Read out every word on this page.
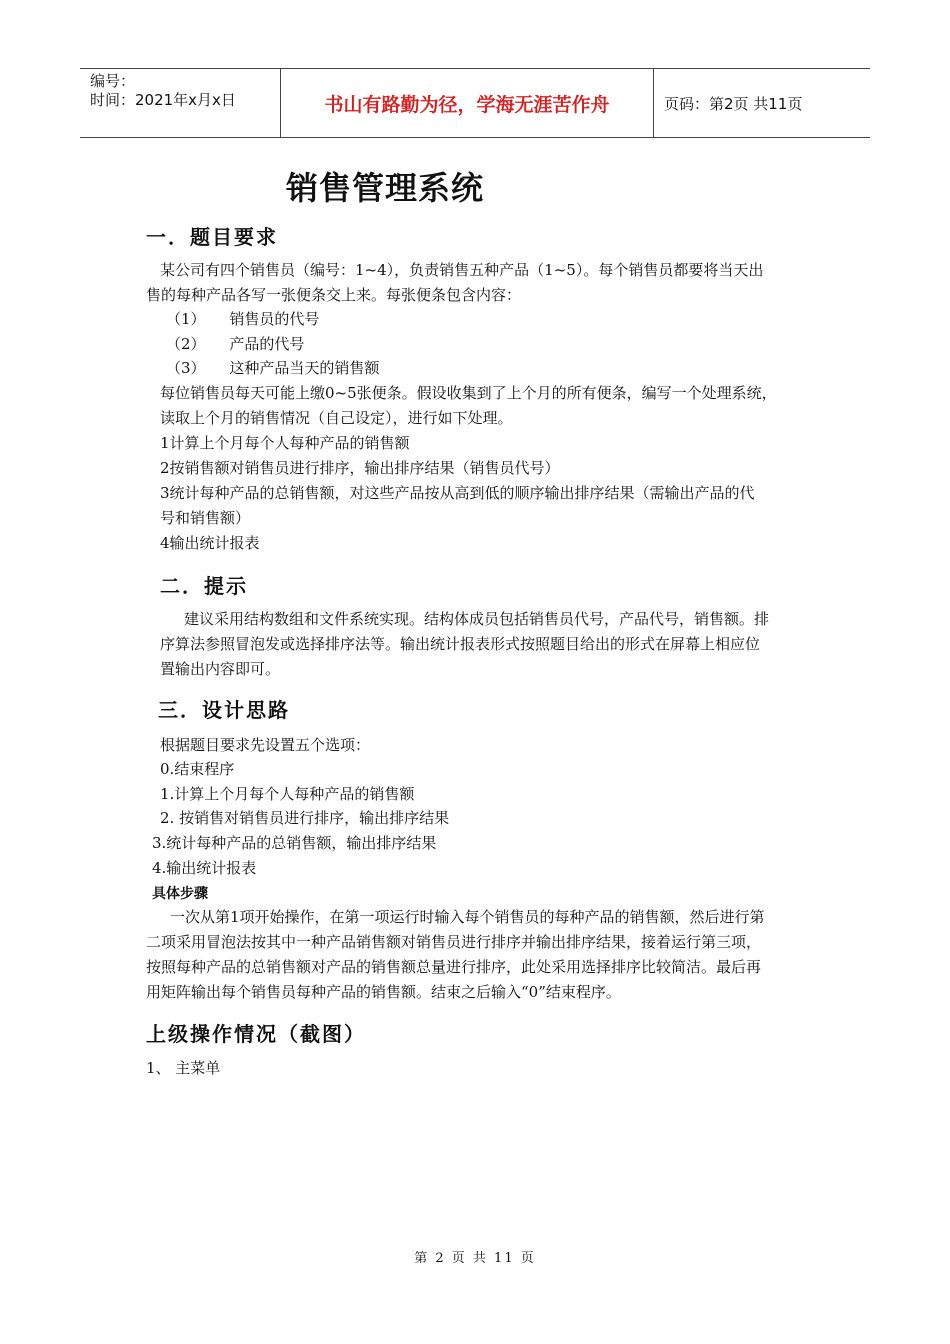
编号：
时间：2021年x月x日	书山有路勤为径，学海无涯苦作舟	页码：第2页 共11页
销售管理系统
一．题目要求
某公司有四个销售员（编号：1~4），负责销售五种产品（1~5）。每个销售员都要将当天出
售的每种产品各写一张便条交上来。每张便条包含内容：
（1）     销售员的代号
（2）     产品的代号
（3）     这种产品当天的销售额
每位销售员每天可能上缴0~5张便条。假设收集到了上个月的所有便条，编写一个处理系统，
读取上个月的销售情况（自己设定），进行如下处理。
1计算上个月每个人每种产品的销售额
2按销售额对销售员进行排序，输出排序结果（销售员代号）
3统计每种产品的总销售额，对这些产品按从高到低的顺序输出排序结果（需输出产品的代
号和销售额）
4输出统计报表
二．提示
建议采用结构数组和文件系统实现。结构体成员包括销售员代号，产品代号，销售额。排
序算法参照冒泡发或选择排序法等。输出统计报表形式按照题目给出的形式在屏幕上相应位
置输出内容即可。
三．设计思路
根据题目要求先设置五个选项：
0.结束程序
1.计算上个月每个人每种产品的销售额
2. 按销售对销售员进行排序，输出排序结果
3.统计每种产品的总销售额，输出排序结果
4.输出统计报表
具体步骤
一次从第1项开始操作，在第一项运行时输入每个销售员的每种产品的销售额，然后进行第
二项采用冒泡法按其中一种产品销售额对销售员进行排序并输出排序结果，接着运行第三项，
按照每种产品的总销售额对产品的销售额总量进行排序，此处采用选择排序比较简洁。最后再
用矩阵输出每个销售员每种产品的销售额。结束之后输入“0”结束程序。
上级操作情况（截图）
1、 主菜单
第 2 页 共 11 页
